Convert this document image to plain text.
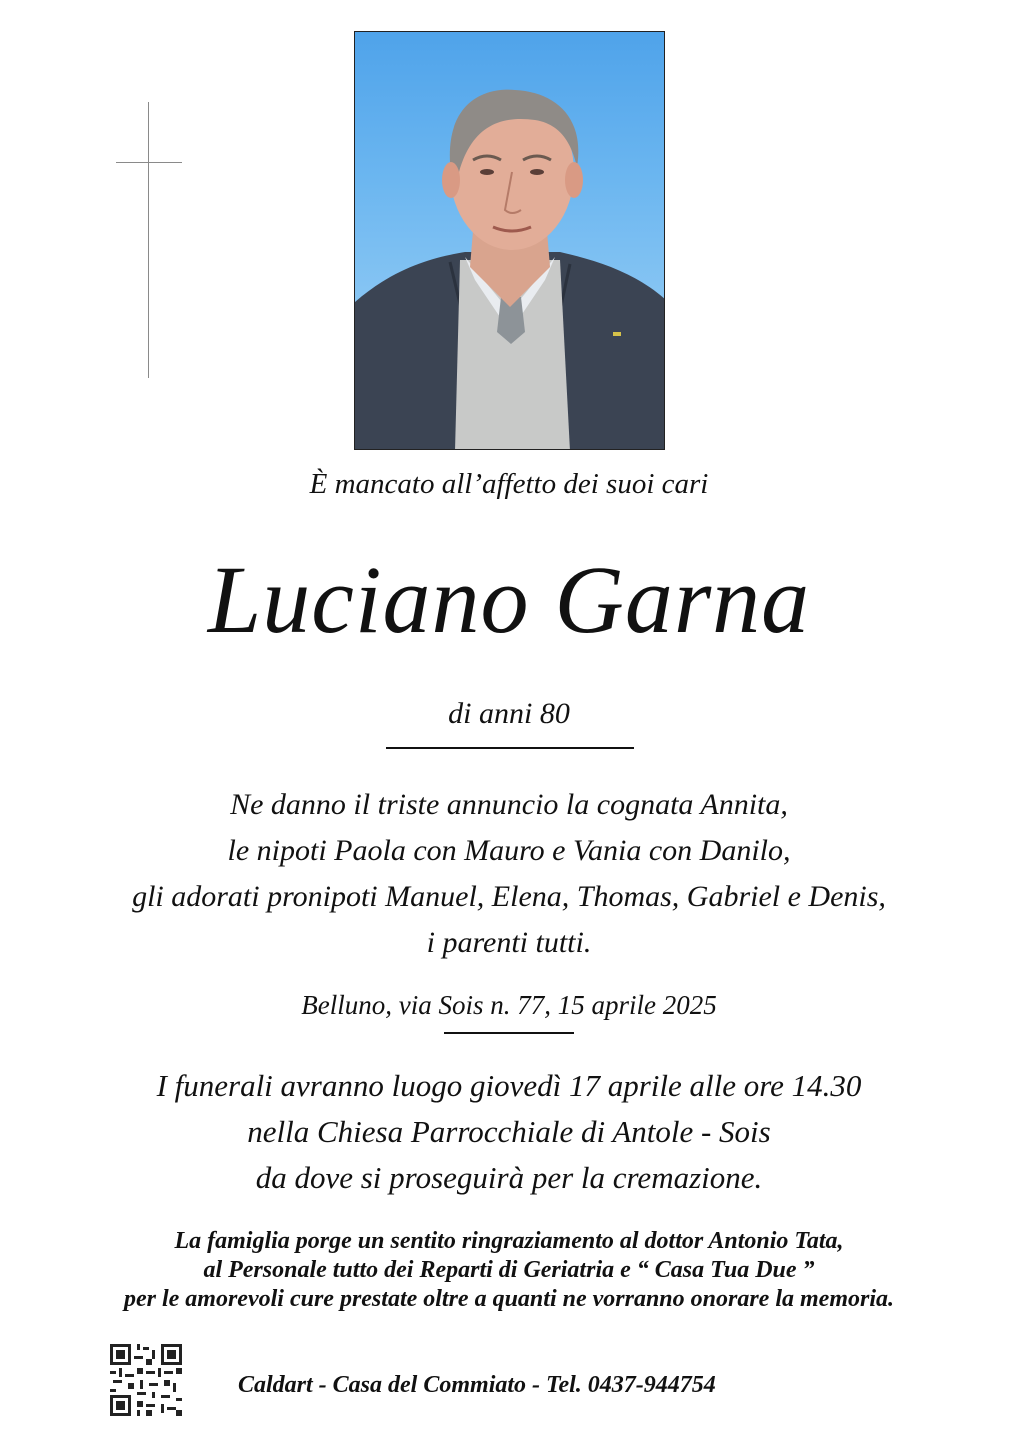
È mancato all’affetto dei suoi cari
Luciano Garna
di anni 80
Ne danno il triste annuncio la cognata Annita,
le nipoti Paola con Mauro e Vania con Danilo,
gli adorati pronipoti Manuel, Elena, Thomas, Gabriel e Denis,
i parenti tutti.
Belluno, via Sois n. 77, 15 aprile 2025
I funerali avranno luogo giovedì 17 aprile alle ore 14.30
nella Chiesa Parrocchiale di Antole - Sois
da dove si proseguirà per la cremazione.
La famiglia porge un sentito ringraziamento al dottor Antonio Tata,
al Personale tutto dei Reparti di Geriatria e “ Casa Tua Due ”
per le amorevoli cure prestate oltre a quanti ne vorranno onorare la memoria.
Caldart - Casa del Commiato - Tel. 0437-944754
